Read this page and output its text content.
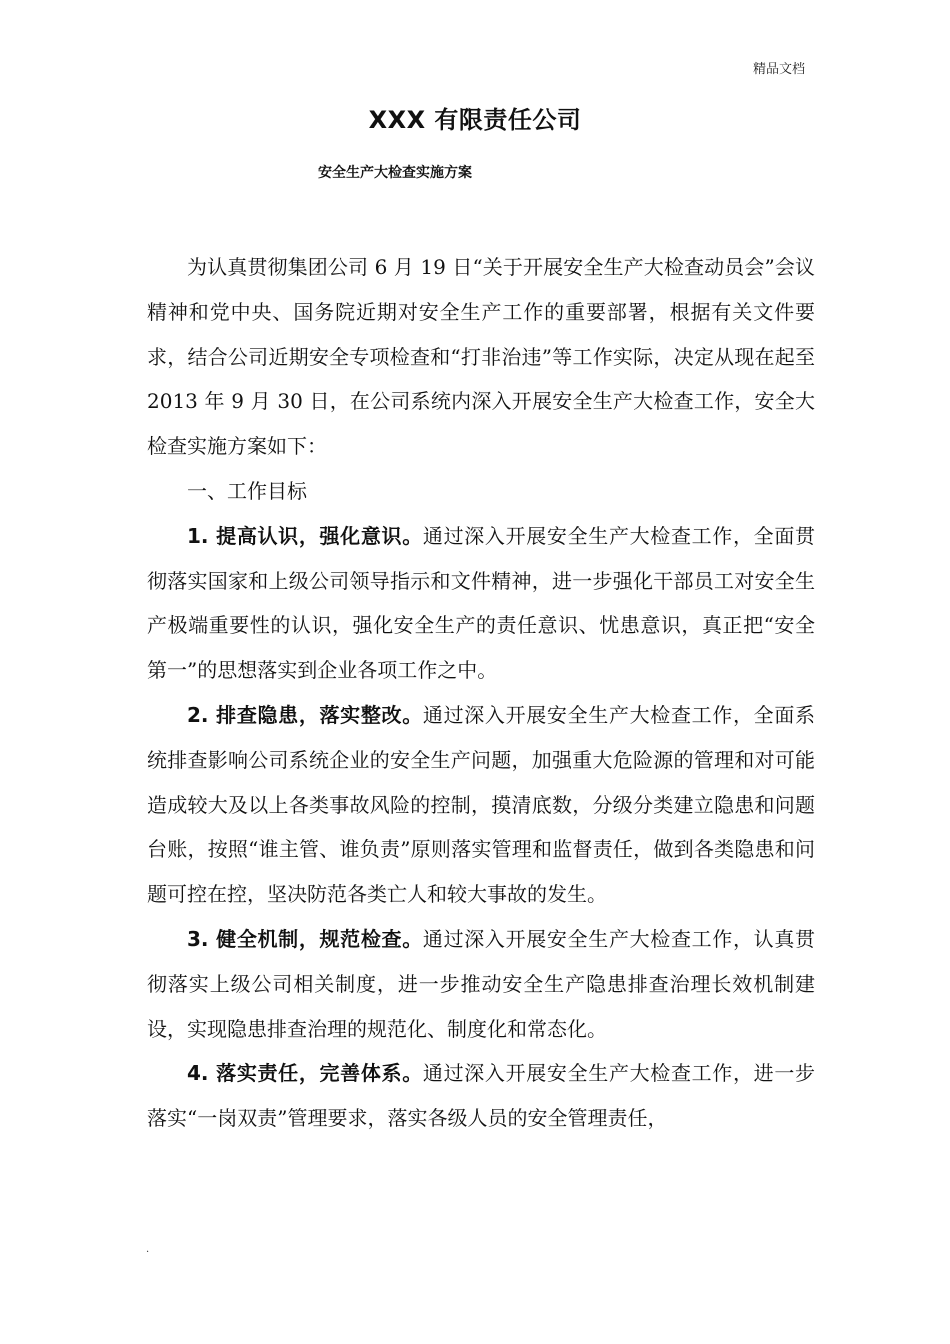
精品文档
XXX 有限责任公司
安全生产大检查实施方案

为认真贯彻集团公司 6 月 19 日“关于开展安全生产大检查动员会”会议精神和党中央、国务院近期对安全生产工作的重要部署，根据有关文件要求，结合公司近期安全专项检查和“打非治违”等工作实际，决定从现在起至 2013 年 9 月 30 日，在公司系统内深入开展安全生产大检查工作，安全大检查实施方案如下：

一、工作目标

1. 提高认识，强化意识。通过深入开展安全生产大检查工作，全面贯彻落实国家和上级公司领导指示和文件精神，进一步强化干部员工对安全生产极端重要性的认识，强化安全生产的责任意识、忧患意识，真正把“安全第一”的思想落实到企业各项工作之中。

2. 排查隐患，落实整改。通过深入开展安全生产大检查工作，全面系统排查影响公司系统企业的安全生产问题，加强重大危险源的管理和对可能造成较大及以上各类事故风险的控制，摸清底数，分级分类建立隐患和问题台账，按照“谁主管、谁负责”原则落实管理和监督责任，做到各类隐患和问题可控在控，坚决防范各类亡人和较大事故的发生。

3. 健全机制，规范检查。通过深入开展安全生产大检查工作，认真贯彻落实上级公司相关制度，进一步推动安全生产隐患排查治理长效机制建设，实现隐患排查治理的规范化、制度化和常态化。

4. 落实责任，完善体系。通过深入开展安全生产大检查工作，进一步落实“一岗双责”管理要求，落实各级人员的安全管理责任，

.
